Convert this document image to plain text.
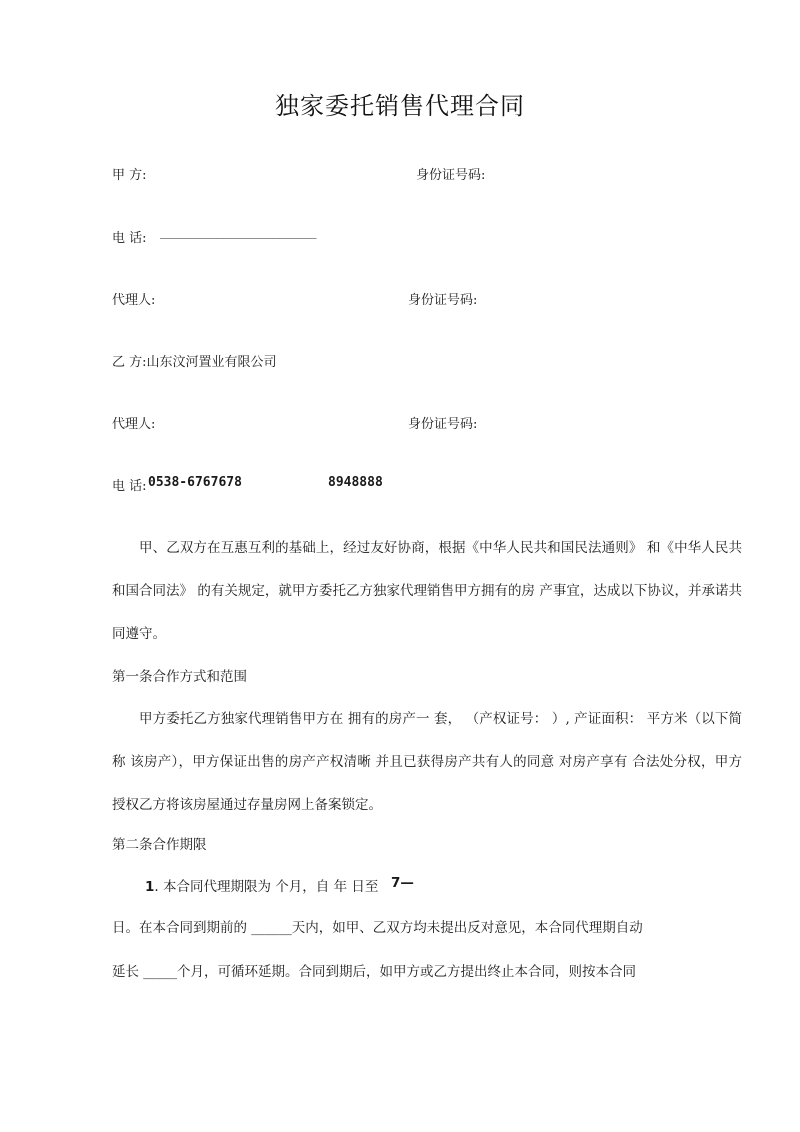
独家委托销售代理合同
甲 方:	身份证号码:
电 话: _________________________
代理人:	身份证号码:
乙 方:山东汶河置业有限公司
代理人:	身份证号码:
电 话: 0538-6767678	8948888

甲、乙双方在互惠互利的基础上，经过友好协商，根据《中华人民共和国民法通则》 和《中华人民共和国合同法》 的有关规定，就甲方委托乙方独家代理销售甲方拥有的房 产事宜，达成以下协议，并承诺共同遵守。

第一条合作方式和范围

甲方委托乙方独家代理销售甲方在 拥有的房产一 套， （产权证号： ）, 产证面积： 平方米（以下简称 该房产），甲方保证出售的房产产权清晰 并且已获得房产共有人的同意 对房产享有 合法处分权，甲方授权乙方将该房屋通过存量房网上备案锁定。

第二条合作期限
1. 本合同代理期限为 个月，自 年 日至 7—
日。在本合同到期前的 ______天内，如甲、乙双方均未提出反对意见，本合同代理期自动
延长 _____个月，可循环延期。合同到期后，如甲方或乙方提出终止本合同，则按本合同
